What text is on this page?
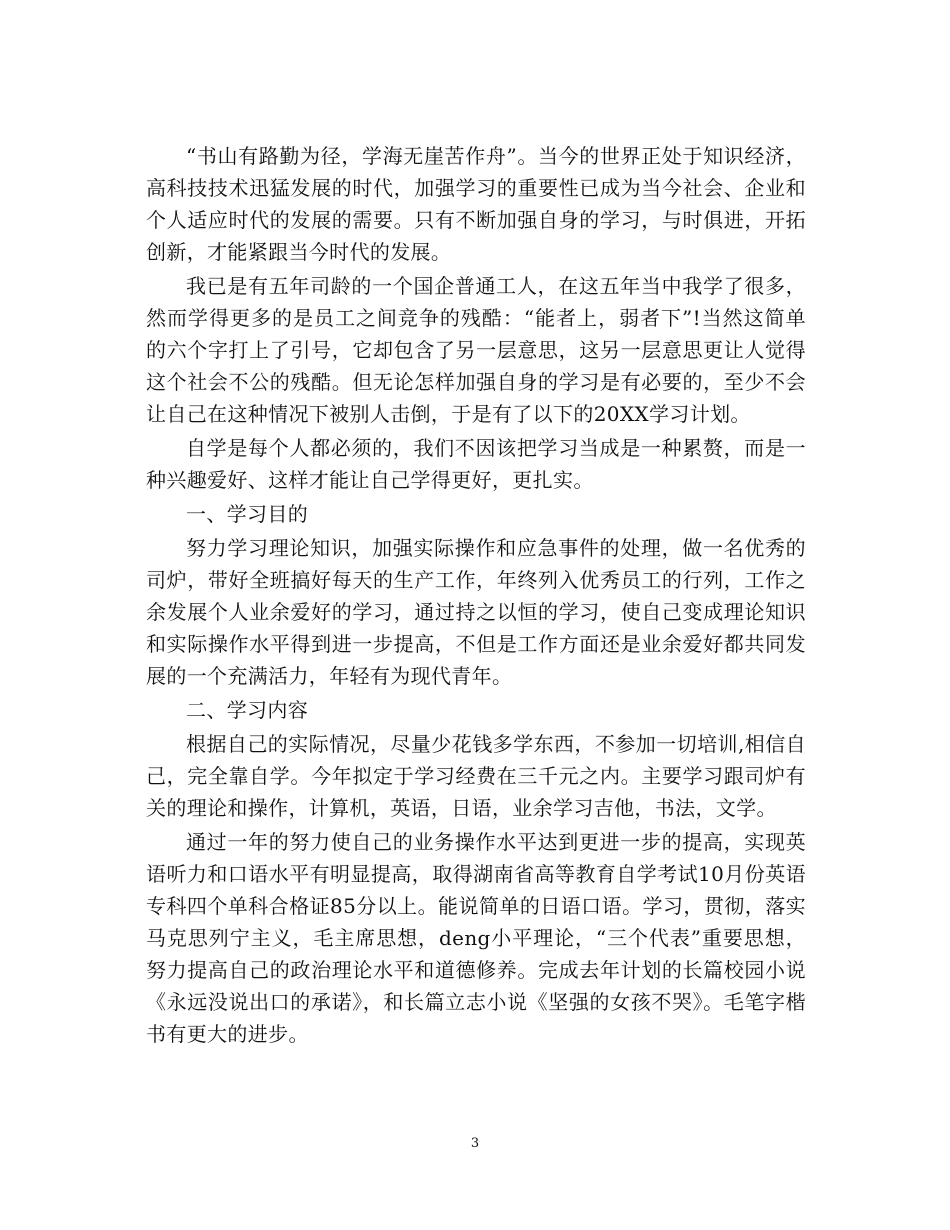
“书山有路勤为径，学海无崖苦作舟”。当今的世界正处于知识经济，高科技技术迅猛发展的时代，加强学习的重要性已成为当今社会、企业和个人适应时代的发展的需要。只有不断加强自身的学习，与时俱进，开拓创新，才能紧跟当今时代的发展。

我已是有五年司龄的一个国企普通工人，在这五年当中我学了很多，然而学得更多的是员工之间竞争的残酷：“能者上，弱者下”!当然这简单的六个字打上了引号，它却包含了另一层意思，这另一层意思更让人觉得这个社会不公的残酷。但无论怎样加强自身的学习是有必要的，至少不会让自己在这种情况下被别人击倒，于是有了以下的20XX学习计划。

自学是每个人都必须的，我们不因该把学习当成是一种累赘，而是一种兴趣爱好、这样才能让自己学得更好，更扎实。

一、学习目的

努力学习理论知识，加强实际操作和应急事件的处理，做一名优秀的司炉，带好全班搞好每天的生产工作，年终列入优秀员工的行列，工作之余发展个人业余爱好的学习，通过持之以恒的学习，使自己变成理论知识和实际操作水平得到进一步提高，不但是工作方面还是业余爱好都共同发展的一个充满活力，年轻有为现代青年。

二、学习内容

根据自己的实际情况，尽量少花钱多学东西，不参加一切培训,相信自己，完全靠自学。今年拟定于学习经费在三千元之内。主要学习跟司炉有关的理论和操作，计算机，英语，日语，业余学习吉他，书法，文学。

通过一年的努力使自己的业务操作水平达到更进一步的提高，实现英语听力和口语水平有明显提高，取得湖南省高等教育自学考试10月份英语专科四个单科合格证85分以上。能说简单的日语口语。学习，贯彻，落实马克思列宁主义，毛主席思想，deng小平理论，“三个代表”重要思想，努力提高自己的政治理论水平和道德修养。完成去年计划的长篇校园小说《永远没说出口的承诺》，和长篇立志小说《坚强的女孩不哭》。毛笔字楷书有更大的进步。

3
